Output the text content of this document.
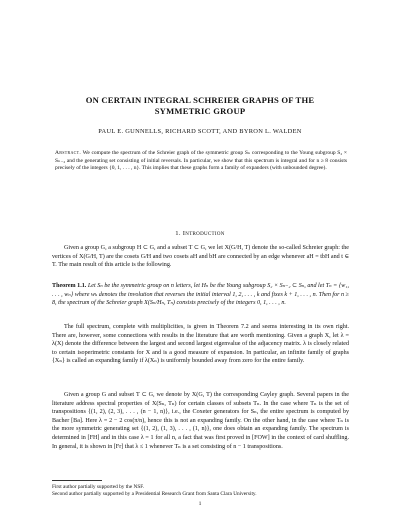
ON CERTAIN INTEGRAL SCHREIER GRAPHS OF THE
SYMMETRIC GROUP
PAUL E. GUNNELLS, RICHARD SCOTT, AND BYRON L. WALDEN
Abstract. We compute the spectrum of the Schreier graph of the symmetric group Sₙ corresponding to the Young subgroup S₂ × Sₙ₋₂ and the generating set consisting of initial reversals. In particular, we show that this spectrum is integral and for n ≥ 8 consists precisely of the integers {0, 1, . . . , n}. This implies that these graphs form a family of expanders (with unbounded degree).
1. Introduction
Given a group G, a subgroup H ⊂ G, and a subset T ⊂ G, we let X(G/H, T) denote the so-called Schreier graph: the vertices of X(G/H, T) are the cosets G/H and two cosets aH and bH are connected by an edge whenever aH = tbH and t ∈ T. The main result of this article is the following.
Theorem 1.1. Let Sₙ be the symmetric group on n letters, let Hₙ be the Young subgroup S₂ × Sₙ₋₂ ⊂ Sₙ, and let Tₙ = {w₁, . . . , wₙ} where wₖ denotes the involution that reverses the initial interval 1, 2, . . . , k and fixes k + 1, . . . , n. Then for n ≥ 8, the spectrum of the Schreier graph X(Sₙ/Hₙ, Tₙ) consists precisely of the integers 0, 1, . . . , n.
The full spectrum, complete with multiplicities, is given in Theorem 7.2 and seems interesting in its own right. There are, however, some connections with results in the literature that are worth mentioning. Given a graph X, let λ = λ(X) denote the difference between the largest and second largest eigenvalue of the adjacency matrix. λ is closely related to certain isoperimetric constants for X and is a good measure of expansion. In particular, an infinite family of graphs {Xₙ} is called an expanding family if λ(Xₙ) is uniformly bounded away from zero for the entire family.
Given a group G and subset T ⊂ G, we denote by X(G, T) the corresponding Cayley graph. Several papers in the literature address spectral properties of X(Sₙ, Tₙ) for certain classes of subsets Tₙ. In the case where Tₙ is the set of transpositions {(1, 2), (2, 3), . . . , (n − 1, n)}, i.e., the Coxeter generators for Sₙ, the entire spectrum is computed by Bacher [Ba]. Here λ = 2 − 2 cos(π/n), hence this is not an expanding family. On the other hand, in the case where Tₙ is the more symmetric generating set {(1, 2), (1, 3), . . . , (1, n)}, one does obtain an expanding family. The spectrum is determined in [FH] and in this case λ = 1 for all n, a fact that was first proved in [FOW] in the context of card shuffling. In general, it is shown in [Fr] that λ ≤ 1 whenever Tₙ is a set consisting of n − 1 transpositions.
First author partially supported by the NSF.
Second author partially supported by a Presidential Research Grant from Santa Clara University.
1
